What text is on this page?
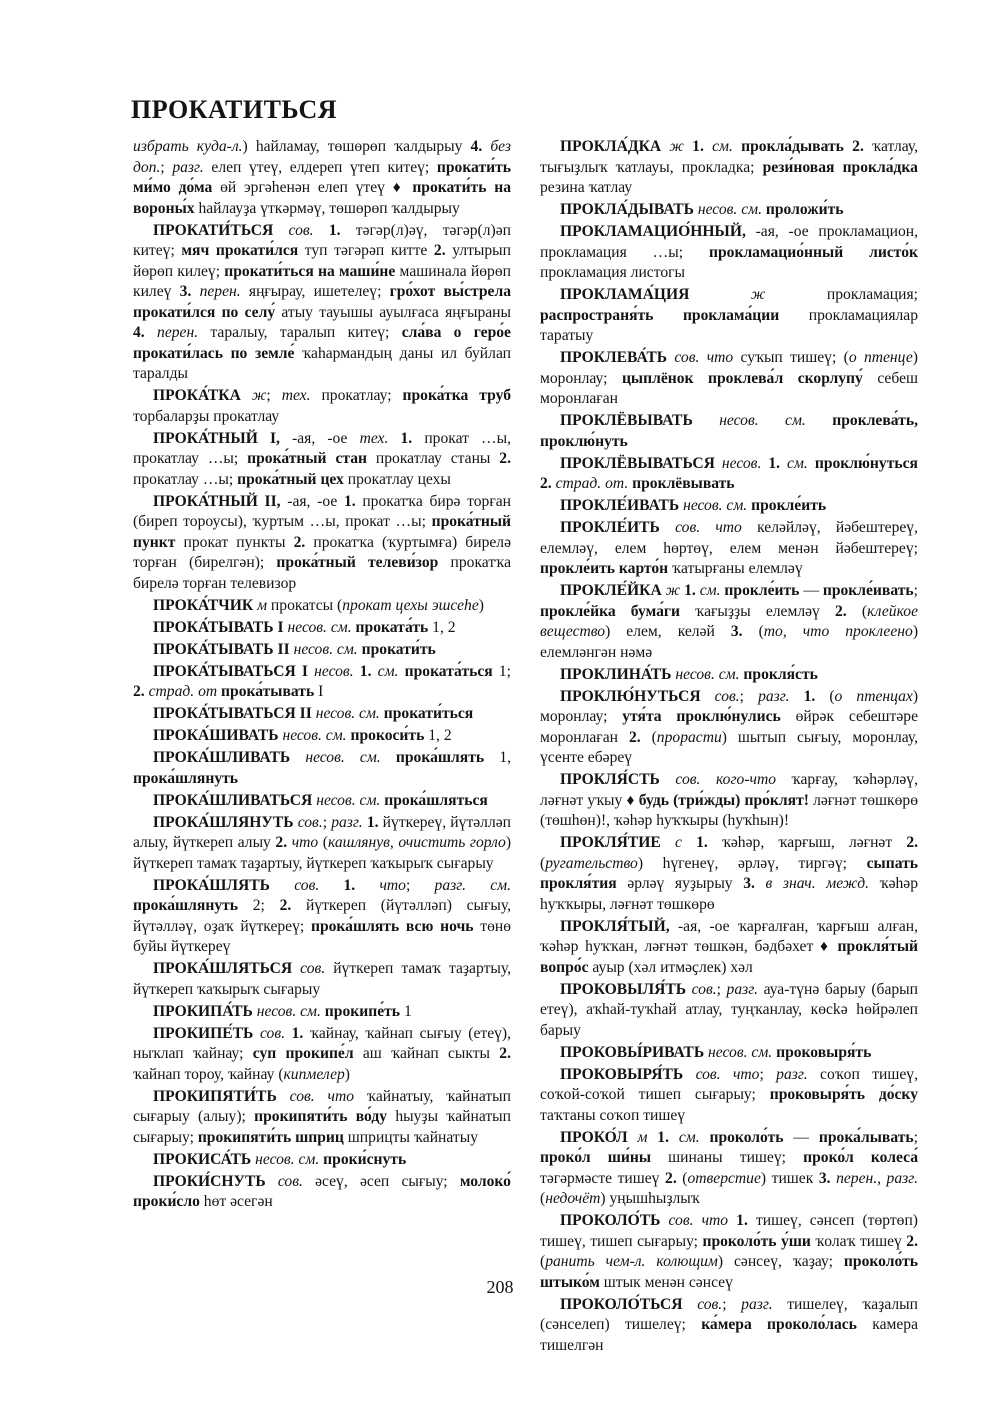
ПРОКАТИТЬСЯ

избрать куда-л.) һайламау, төшөрөп ҡалдырыу 4. без доп.; разг. елеп үтеү, елдереп үтеп китеү; прокати́ть ми́мо до́ма өй эргәһенән елеп үтеү ♦ прокати́ть на вороны́х һайлауҙа үткәрмәү, төшөрөп ҡалдырыу

ПРОКАТИ́ТЬСЯ сов. 1. тәгәр(л)әү, тәгәр(л)әп китеү; мяч прокати́лся туп тәгәрәп китте 2. ултырып йөрөп килеү; прокати́ться на маши́не машинала йөрөп килеү 3. перен. яңғырау, ишетелеү; гро́хот вы́стрела прокати́лся по селу́ атыу тауышы ауылғаса яңғыраны 4. перен. таралыу, таралып китеү; сла́ва о геро́е прокати́лась по земле́ ҡаһармандың даны ил буйлап таралды

ПРОКА́ТКА ж; тех. прокатлау; прока́тка труб торбаларҙы прокатлау

ПРОКА́ТНЫЙ I, -ая, -ое тех. 1. прокат …ы, прокатлау …ы; прока́тный стан прокатлау станы 2. прокатлау …ы; прока́тный цех прокатлау цехы

ПРОКА́ТНЫЙ II, -ая, -ое 1. прокатҡа бирә торған (биреп тороусы), ҡуртым …ы, прокат …ы; прока́тный пункт прокат пункты 2. прокатҡа (ҡуртымға) бирелә торған (бирелгән); прока́тный телеви́зор прокатҡа бирелә торған телевизор

ПРОКА́ТЧИК м прокатсы (прокат цехы эшсеһе)

ПРОКА́ТЫВАТЬ I несов. см. проката́ть 1, 2

ПРОКА́ТЫВАТЬ II несов. см. прокати́ть

ПРОКА́ТЫВАТЬСЯ I несов. 1. см. проката́ться 1; 2. страд. от прока́тывать I

ПРОКА́ТЫВАТЬСЯ II несов. см. прокати́ться

ПРОКА́ШИВАТЬ несов. см. прокоси́ть 1, 2

ПРОКА́ШЛИВАТЬ несов. см. прока́шлять 1, прока́шлянуть

ПРОКА́ШЛИВАТЬСЯ несов. см. прока́шляться

ПРОКА́ШЛЯНУТЬ сов.; разг. 1. йүткереү, йүтәлләп алыу, йүткереп алыу 2. что (кашлянув, очистить горло) йүткереп тамаҡ таҙартыу, йүткереп ҡаҡырыҡ сығарыу

ПРОКА́ШЛЯТЬ сов. 1. что; разг. см. прока́шлянуть 2; 2. йүткереп (йүтәлләп) сығыу, йүтәлләү, оҙаҡ йүткереү; прока́шлять всю ночь төнө буйы йүткереү

ПРОКА́ШЛЯТЬСЯ сов. йүткереп тамаҡ таҙартыу, йүткереп ҡаҡырыҡ сығарыу

ПРОКИПА́ТЬ несов. см. прокипе́ть 1

ПРОКИПЕ́ТЬ сов. 1. ҡайнау, ҡайнап сығыу (етеү), ныҡлап ҡайнау; суп прокипе́л аш ҡайнап сыкты 2. ҡайнап тороу, ҡайнау (кипмелер)

ПРОКИПЯТИ́ТЬ сов. что ҡайнатыу, ҡайнатып сығарыу (алыу); прокипяти́ть во́ду һыуҙы ҡайнатып сығарыу; прокипяти́ть шприц шприцты ҡайнатыу

ПРОКИСА́ТЬ несов. см. проки́снуть

ПРОКИ́СНУТЬ сов. әсеү, әсеп сығыу; молоко́ проки́сло һөт әсегән

ПРОКЛА́ДКА ж 1. см. прокла́дывать 2. ҡатлау, тығыҙлыҡ ҡатлауы, прокладка; рези́новая прокла́дка резина ҡатлау

ПРОКЛА́ДЫВАТЬ несов. см. проложи́ть

ПРОКЛАМАЦИО́ННЫЙ, -ая, -ое прокламацион, прокламация …ы; прокламацио́нный листо́к прокламация листогы

ПРОКЛАМА́ЦИЯ	ж прокламация; распространя́ть проклама́ции прокламациялар таратыу

ПРОКЛЕВА́ТЬ сов. что суҡып тишеү; (о птенце) моронлау; цыплёнок проклева́л скорлупу́ себеш моронлаған

ПРОКЛЁВЫВАТЬ несов. см. проклева́ть, проклю́нуть

ПРОКЛЁВЫВАТЬСЯ несов. 1. см. проклю́нуться 2. страд. от. проклёвывать

ПРОКЛЕ́ИВАТЬ несов. см. прокле́ить

ПРОКЛЕ́ИТЬ сов. что келәйләү, йәбештереү, елемләү, елем һөртөү, елем менән йәбештереү; прокле́ить карто́н ҡатырғаны елемләү

ПРОКЛЕ́ЙКА ж 1. см. прокле́ить — прокле́ивать; прокле́йка бума́ги ҡағыҙҙы елемләү 2. (клейкое вещество) елем, келәй 3. (то, что проклеено) елемләнгән нәмә

ПРОКЛИНА́ТЬ несов. см. прокля́сть

ПРОКЛЮ́НУТЬСЯ сов.; разг. 1. (о птенцах) моронлау; утя́та проклю́нулись өйрәк себештәре моронлаған 2. (прорасти) шытып сығыу, моронлау, үсенте ебәреү

ПРОКЛЯ́СТЬ сов. кого-что ҡарғау, ҡәһәрләү, ләғнәт уҡыу ♦ будь (три́жды) про́клят! ләғнәт төшкөрө (төшһөн)!, ҡәһәр һуҡҡыры (һуҡһын)!

ПРОКЛЯ́ТИЕ с 1. ҡәһәр, ҡарғыш, ләғнәт 2. (ругательство) һүгенеү, әрләү, тиргәү; сыпать прокля́тия әрләү яуҙырыу 3. в знач. межд. ҡәһәр һуҡҡыры, ләғнәт төшкөрө

ПРОКЛЯ́ТЫЙ, -ая, -ое ҡарғалған, ҡарғыш алған, ҡәһәр һуҡҡан, ләғнәт төшкән, бәдбәхет ♦ прокля́тый вопро́с ауыр (хәл итмәҫлек) хәл

ПРОКОВЫЛЯ́ТЬ сов.; разг. ауа-түнә барыу (барып етеү), аҡһай-туҡһай атлау, туңҡанлау, көсkә һөйрәлеп барыу

ПРОКОВЫ́РИВАТЬ несов. см. проковыря́ть

ПРОКОВЫРЯ́ТЬ сов. что; разг. соҡоп тишеү, соҡой-соҡой тишеп сығарыу; проковыря́ть до́ску таҡтаны соҡоп тишеү

ПРОКО́Л м 1. см. проколо́ть — прока́лывать; проко́л ши́ны шинаны тишеү; проко́л колеса́ тәгәрмәсте тишеү 2. (отверстие) тишек 3. перен., разг. (недочёт) уңышһыҙлыҡ

ПРОКОЛО́ТЬ сов. что 1. тишеү, сәнсеп (төртөп) тишеү, тишеп сығарыу; проколо́ть у́ши ҡолаҡ тишеү 2. (ранить чем-л. колющим) сәнсеү, ҡаҙау; проколо́ть штыко́м штык менән сәнсеү

ПРОКОЛО́ТЬСЯ сов.; разг. тишелеү, ҡаҙалып (сәнселеп) тишелеү; ка́мера проколо́лась камера тишелгән

208
